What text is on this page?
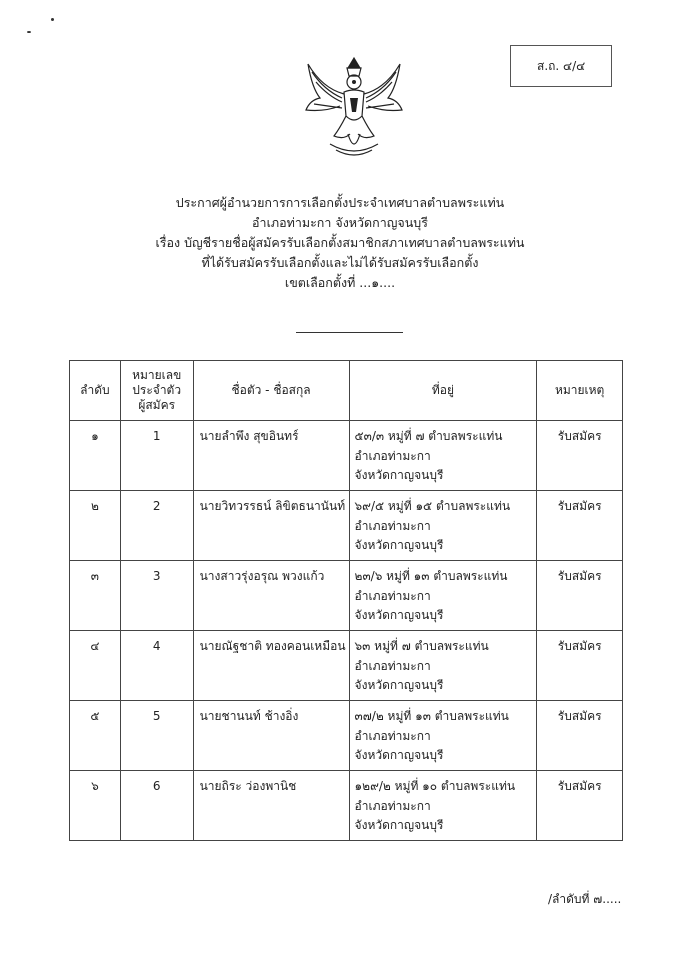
ส.ถ. ๔/๔
ประกาศผู้อำนวยการการเลือกตั้งประจำเทศบาลตำบลพระแท่น
อำเภอท่ามะกา จังหวัดกาญจนบุรี
เรื่อง บัญชีรายชื่อผู้สมัครรับเลือกตั้งสมาชิกสภาเทศบาลตำบลพระแท่น
ที่ได้รับสมัครรับเลือกตั้งและไม่ได้รับสมัครรับเลือกตั้ง
เขตเลือกตั้งที่ ...๑....
ลำดับ	หมายเลข
ประจำตัว
ผู้สมัคร	ชื่อตัว - ชื่อสกุล	ที่อยู่	หมายเหตุ
๑	1	นายลำพึง สุขอินทร์	๕๓/๓ หมู่ที่ ๗ ตำบลพระแท่น
อำเภอท่ามะกา
จังหวัดกาญจนบุรี	รับสมัคร
๒	2	นายวิทวรรธน์ ลิขิตธนานันท์	๖๙/๕ หมู่ที่ ๑๕ ตำบลพระแท่น
อำเภอท่ามะกา
จังหวัดกาญจนบุรี	รับสมัคร
๓	3	นางสาวรุ่งอรุณ พวงแก้ว	๒๓/๖ หมู่ที่ ๑๓ ตำบลพระแท่น
อำเภอท่ามะกา
จังหวัดกาญจนบุรี	รับสมัคร
๔	4	นายณัฐชาติ ทองคอนเหมือน	๖๓ หมู่ที่ ๗ ตำบลพระแท่น
อำเภอท่ามะกา
จังหวัดกาญจนบุรี	รับสมัคร
๕	5	นายชานนท์ ช้างอิ่ง	๓๗/๒ หมู่ที่ ๑๓ ตำบลพระแท่น
อำเภอท่ามะกา
จังหวัดกาญจนบุรี	รับสมัคร
๖	6	นายถิระ ว่องพานิช	๑๒๙/๒ หมู่ที่ ๑๐ ตำบลพระแท่น
อำเภอท่ามะกา
จังหวัดกาญจนบุรี	รับสมัคร
/ลำดับที่ ๗.....
